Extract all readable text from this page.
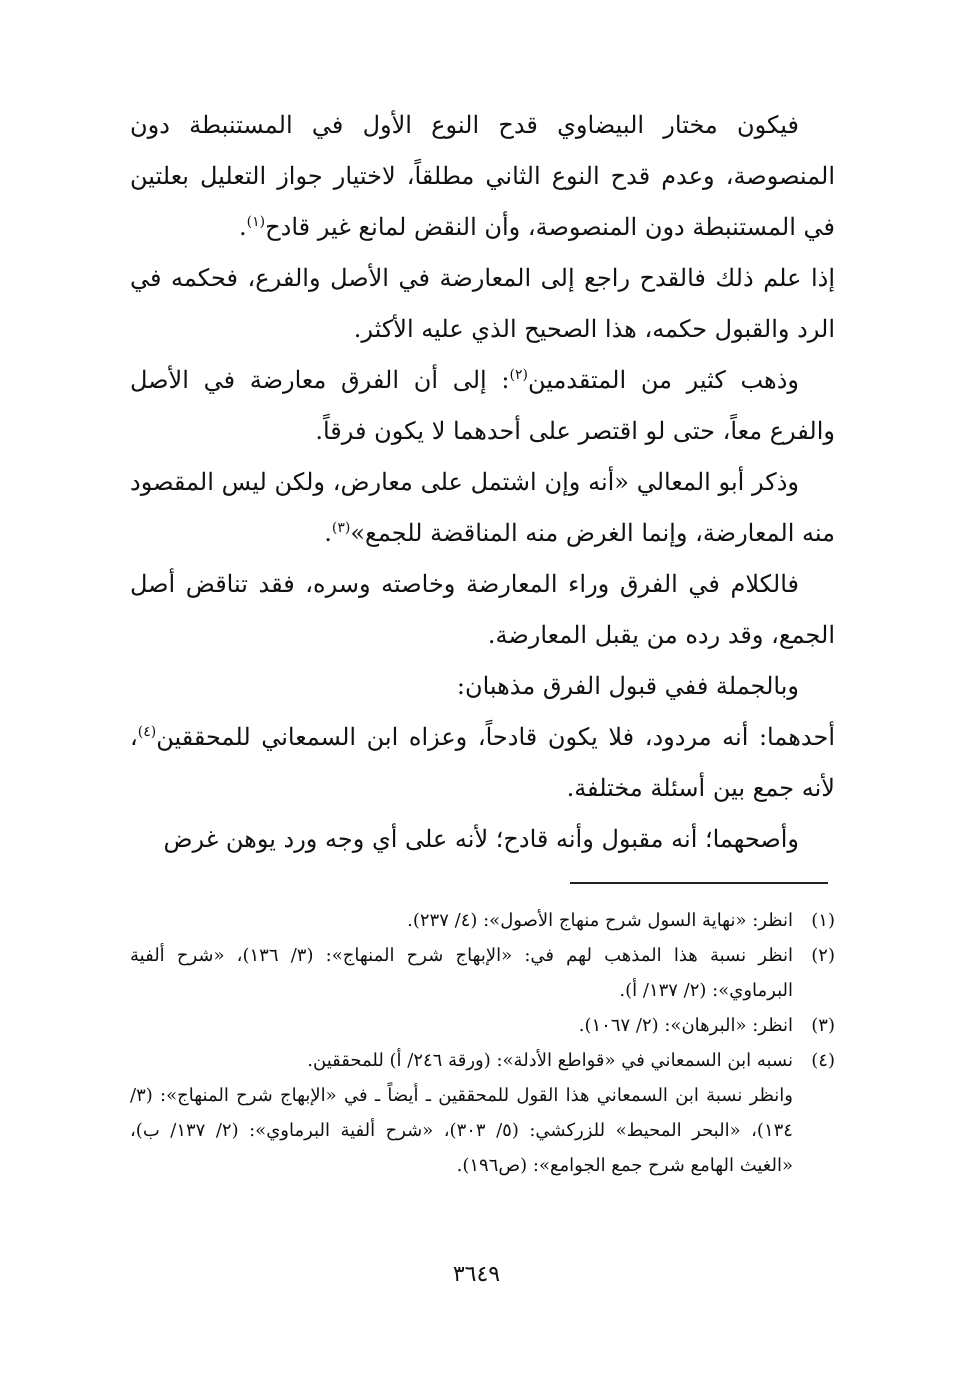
فيكون مختار البيضاوي قدح النوع الأول في المستنبطة دون المنصوصة، وعدم قدح النوع الثاني مطلقاً، لاختيار جواز التعليل بعلتين في المستنبطة دون المنصوصة، وأن النقض لمانع غير قادح$^{(١)}$.

إذا علم ذلك فالقدح راجع إلى المعارضة في الأصل والفرع، فحكمه في الرد والقبول حكمه، هذا الصحيح الذي عليه الأكثر.

وذهب كثير من المتقدمين$^{(٢)}$: إلى أن الفرق معارضة في الأصل والفرع معاً، حتى لو اقتصر على أحدهما لا يكون فرقاً.

وذكر أبو المعالي «أنه وإن اشتمل على معارض، ولكن ليس المقصود منه المعارضة، وإنما الغرض منه المناقضة للجمع»$^{(٣)}$.

فالكلام في الفرق وراء المعارضة وخاصته وسره، فقد تناقض أصل الجمع، وقد رده من يقبل المعارضة.

وبالجملة ففي قبول الفرق مذهبان:

أحدهما: أنه مردود، فلا يكون قادحاً، وعزاه ابن السمعاني للمحققين$^{(٤)}$، لأنه جمع بين أسئلة مختلفة.

وأصحهما؛ أنه مقبول وأنه قادح؛ لأنه على أي وجه ورد يوهن غرض

(١)
انظر: «نهاية السول شرح منهاج الأصول»: (٤/ ٢٣٧).
(٢)
انظر نسبة هذا المذهب لهم في: «الإبهاج شرح المنهاج»: (٣/ ١٣٦)، «شرح ألفية البرماوي»: (٢/ ١٣٧/ أ).
(٣)
انظر: «البرهان»: (٢/ ١٠٦٧).
(٤)
نسبه ابن السمعاني في «قواطع الأدلة»: (ورقة ٢٤٦/ أ) للمحققين.

وانظر نسبة ابن السمعاني هذا القول للمحققين ـ أيضاً ـ في «الإبهاج شرح المنهاج»: (٣/ ١٣٤)، «البحر المحيط» للزركشي: (٥/ ٣٠٣)، «شرح ألفية البرماوي»: (٢/ ١٣٧/ ب)، «الغيث الهامع شرح جمع الجوامع»: (ص١٩٦).

٣٦٤٩
